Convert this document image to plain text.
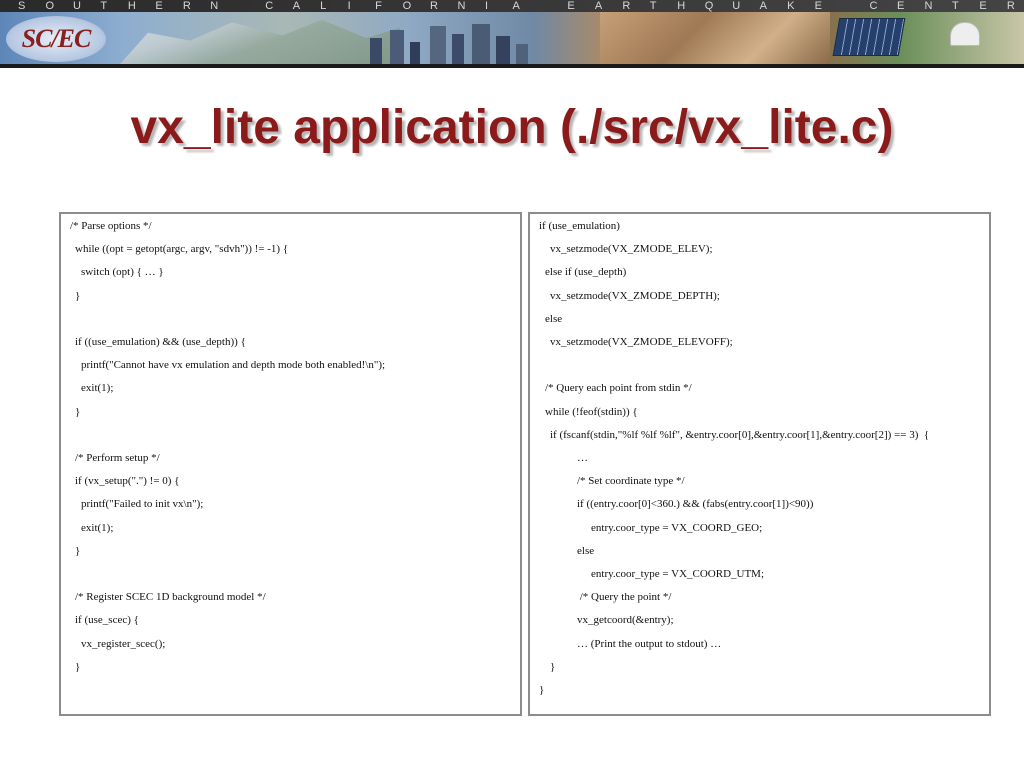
S O U T H E R N	C A L I F O R N I A	E A R T H Q U A K E	C E N T E R
SC/EC
vx_lite application (./src/vx_lite.c)
/* Parse options */
while ((opt = getopt(argc, argv, "sdvh")) != -1) {
switch (opt) { … }
}
if ((use_emulation) && (use_depth)) {
printf("Cannot have vx emulation and depth mode both enabled!\n");
exit(1);
}
/* Perform setup */
if (vx_setup(".") != 0) {
printf("Failed to init vx\n");
exit(1);
}
/* Register SCEC 1D background model */
if (use_scec) {
vx_register_scec();
}
if (use_emulation)
vx_setzmode(VX_ZMODE_ELEV);
else if (use_depth)
vx_setzmode(VX_ZMODE_DEPTH);
else
vx_setzmode(VX_ZMODE_ELEVOFF);
/* Query each point from stdin */
while (!feof(stdin)) {
if (fscanf(stdin,"%lf %lf %lf", &entry.coor[0],&entry.coor[1],&entry.coor[2]) == 3)  {
…
/* Set coordinate type */
if ((entry.coor[0]<360.) && (fabs(entry.coor[1])<90))
entry.coor_type = VX_COORD_GEO;
else
entry.coor_type = VX_COORD_UTM;
/* Query the point */
vx_getcoord(&entry);
… (Print the output to stdout) …
}
}
